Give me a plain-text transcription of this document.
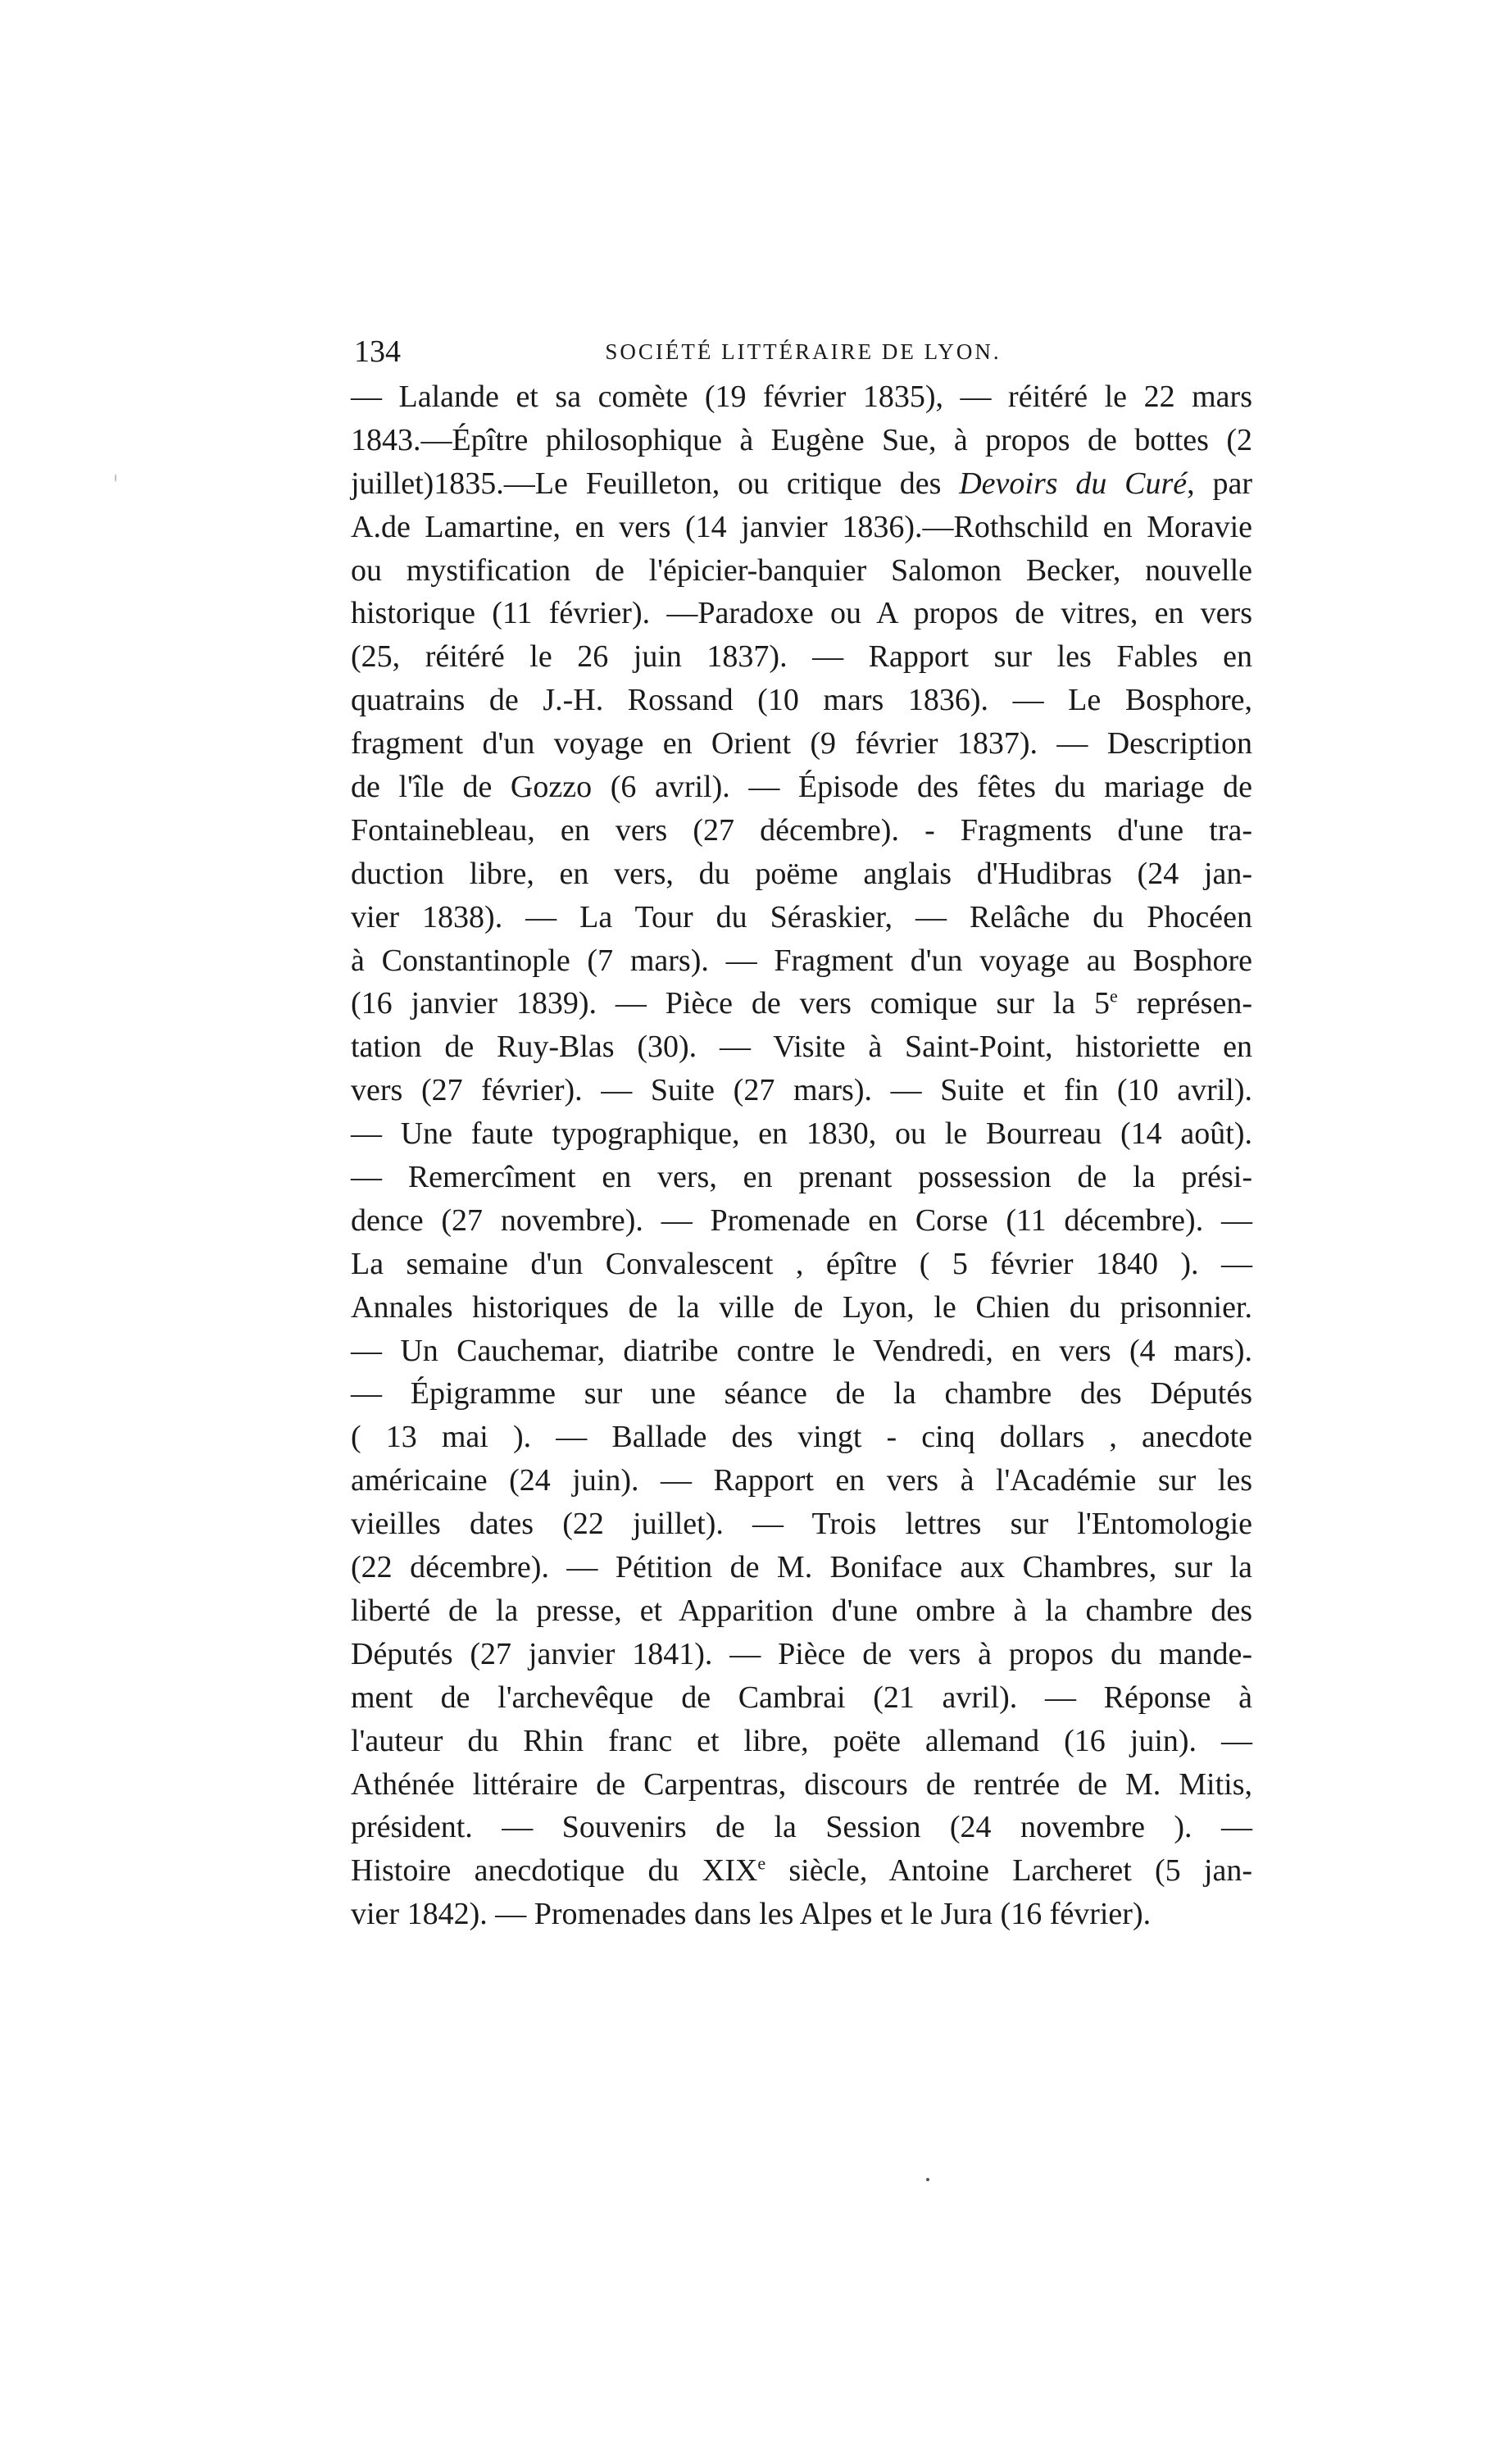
134	SOCIÉTÉ LITTÉRAIRE DE LYON.
— Lalande et sa comète (19 février 1835), — réitéré le 22 mars
1843.—Épître philosophique à Eugène Sue, à propos de bottes (2
juillet)1835.—Le Feuilleton, ou critique des Devoirs du Curé, par
A.de Lamartine, en vers (14 janvier 1836).—Rothschild en Moravie
ou mystification de l'épicier-banquier Salomon Becker, nouvelle
historique (11 février). —Paradoxe ou A propos de vitres, en vers
(25, réitéré le 26 juin 1837). — Rapport sur les Fables en
quatrains de J.-H. Rossand (10 mars 1836). — Le Bosphore,
fragment d'un voyage en Orient (9 février 1837). — Description
de l'île de Gozzo (6 avril). — Épisode des fêtes du mariage de
Fontainebleau, en vers (27 décembre). - Fragments d'une tra-
duction libre, en vers, du poëme anglais d'Hudibras (24 jan-
vier 1838). — La Tour du Séraskier, — Relâche du Phocéen
à Constantinople (7 mars). — Fragment d'un voyage au Bosphore
(16 janvier 1839). — Pièce de vers comique sur la 5e représen-
tation de Ruy-Blas (30). — Visite à Saint-Point, historiette en
vers (27 février). — Suite (27 mars). — Suite et fin (10 avril).
— Une faute typographique, en 1830, ou le Bourreau (14 août).
— Remercîment en vers, en prenant possession de la prési-
dence (27 novembre). — Promenade en Corse (11 décembre). —
La semaine d'un Convalescent , épître ( 5 février 1840 ). —
Annales historiques de la ville de Lyon, le Chien du prisonnier.
— Un Cauchemar, diatribe contre le Vendredi, en vers (4 mars).
— Épigramme sur une séance de la chambre des Députés
( 13 mai ). — Ballade des vingt - cinq dollars , anecdote
américaine (24 juin). — Rapport en vers à l'Académie sur les
vieilles dates (22 juillet). — Trois lettres sur l'Entomologie
(22 décembre). — Pétition de M. Boniface aux Chambres, sur la
liberté de la presse, et Apparition d'une ombre à la chambre des
Députés (27 janvier 1841). — Pièce de vers à propos du mande-
ment de l'archevêque de Cambrai (21 avril). — Réponse à
l'auteur du Rhin franc et libre, poëte allemand (16 juin). —
Athénée littéraire de Carpentras, discours de rentrée de M. Mitis,
président. — Souvenirs de la Session (24 novembre ). —
Histoire anecdotique du XIXe siècle, Antoine Larcheret (5 jan-
vier 1842). — Promenades dans les Alpes et le Jura (16 février).
